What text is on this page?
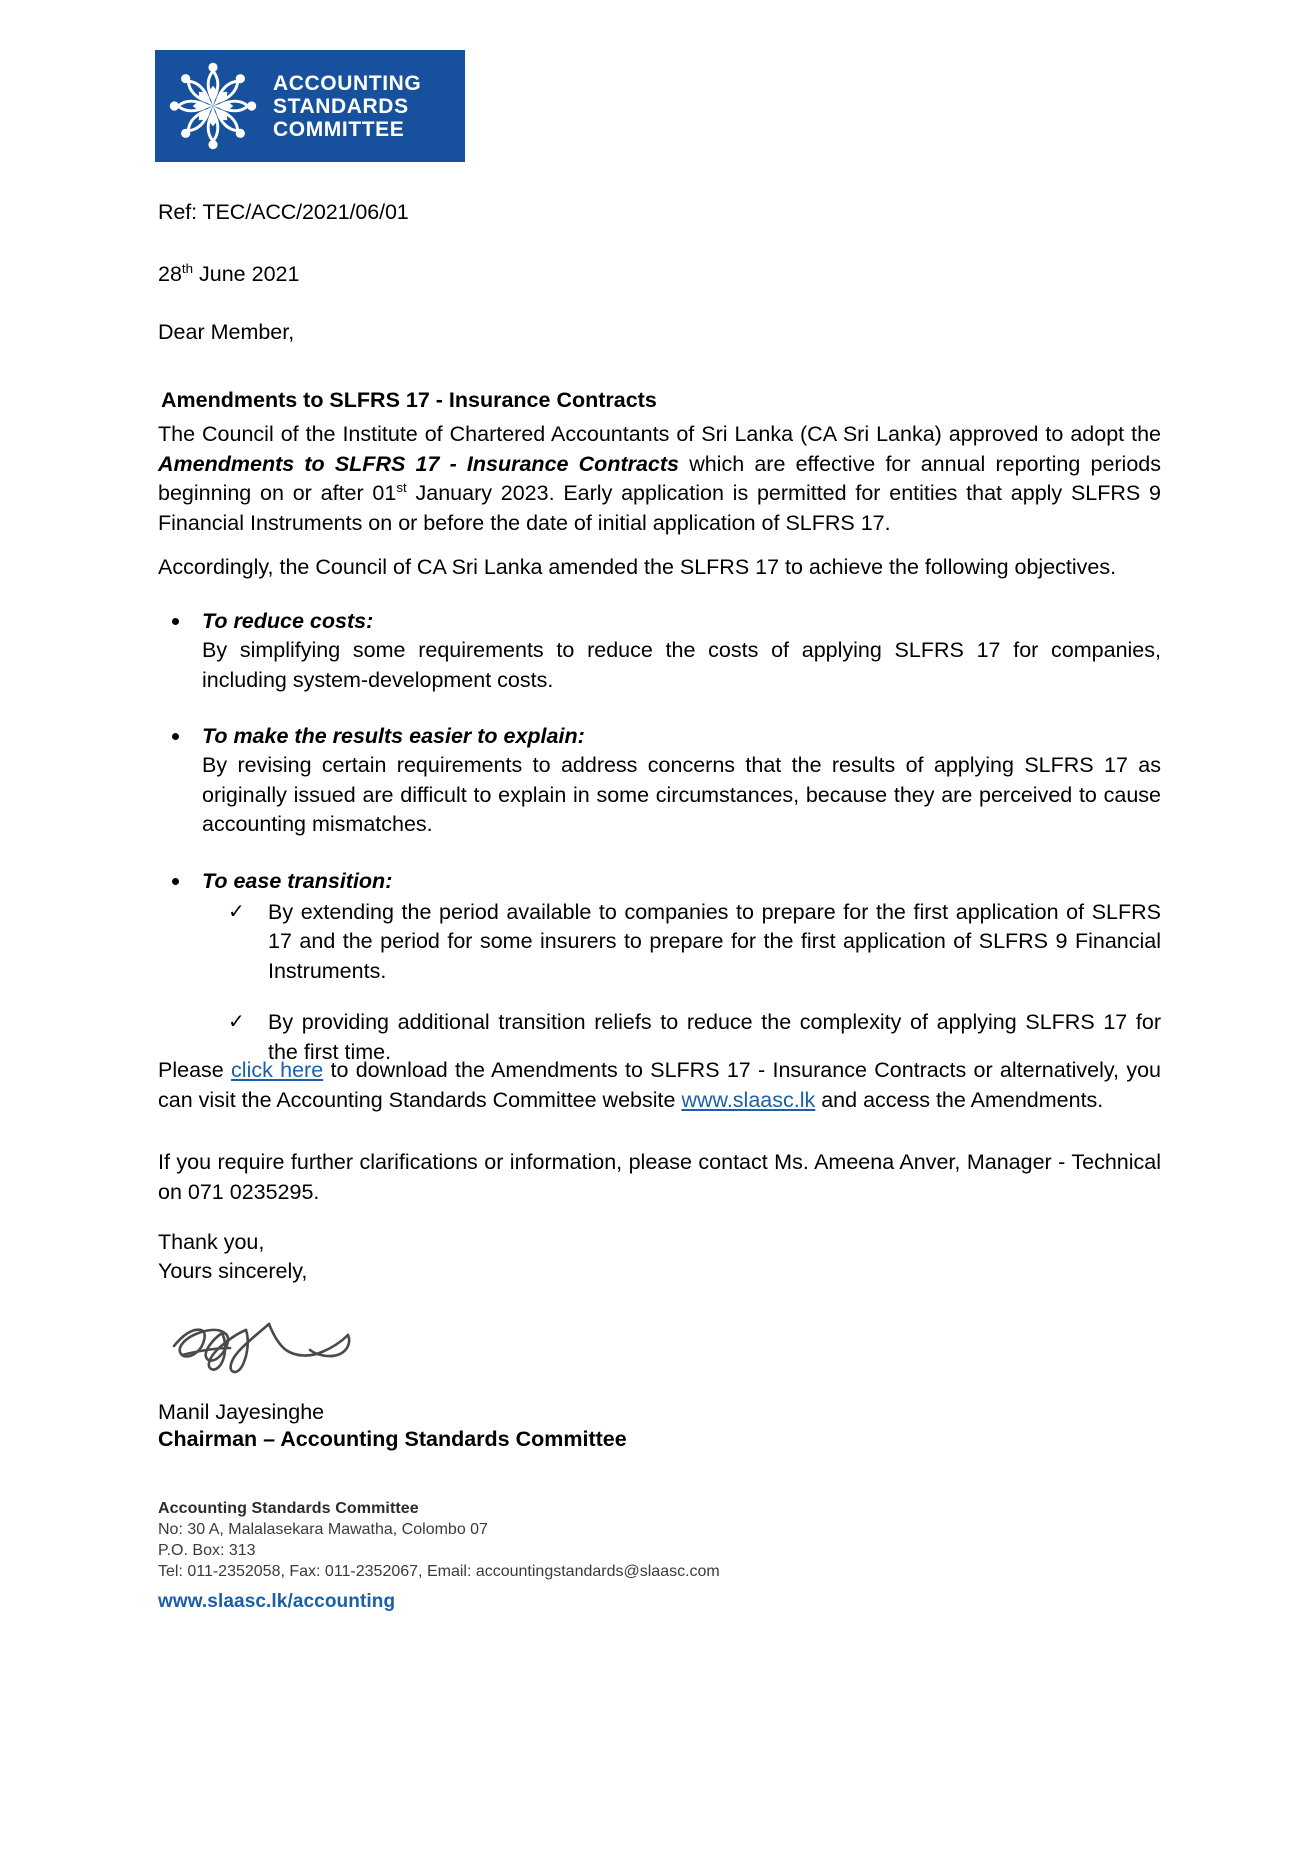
ACCOUNTING
STANDARDS
COMMITTEE
Ref: TEC/ACC/2021/06/01
28th June 2021
Dear Member,
Amendments to SLFRS 17 - Insurance Contracts
The Council of the Institute of Chartered Accountants of Sri Lanka (CA Sri Lanka) approved to adopt the Amendments to SLFRS 17 - Insurance Contracts which are effective for annual reporting periods beginning on or after 01st January 2023. Early application is permitted for entities that apply SLFRS 9 Financial Instruments on or before the date of initial application of SLFRS 17.
Accordingly, the Council of CA Sri Lanka amended the SLFRS 17 to achieve the following objectives.
To reduce costs:
By simplifying some requirements to reduce the costs of applying SLFRS 17 for companies, including system-development costs.
To make the results easier to explain:
By revising certain requirements to address concerns that the results of applying SLFRS 17 as originally issued are difficult to explain in some circumstances, because they are perceived to cause accounting mismatches.
To ease transition:
✓ By extending the period available to companies to prepare for the first application of SLFRS 17 and the period for some insurers to prepare for the first application of SLFRS 9 Financial Instruments.
✓ By providing additional transition reliefs to reduce the complexity of applying SLFRS 17 for the first time.
Please click here to download the Amendments to SLFRS 17 - Insurance Contracts or alternatively, you can visit the Accounting Standards Committee website www.slaasc.lk and access the Amendments.
If you require further clarifications or information, please contact Ms. Ameena Anver, Manager - Technical on 071 0235295.
Thank you,
Yours sincerely,
Manil Jayesinghe
Chairman – Accounting Standards Committee
Accounting Standards Committee
No: 30 A, Malalasekara Mawatha, Colombo 07
P.O. Box: 313
Tel: 011-2352058, Fax: 011-2352067, Email: accountingstandards@slaasc.com
www.slaasc.lk/accounting
